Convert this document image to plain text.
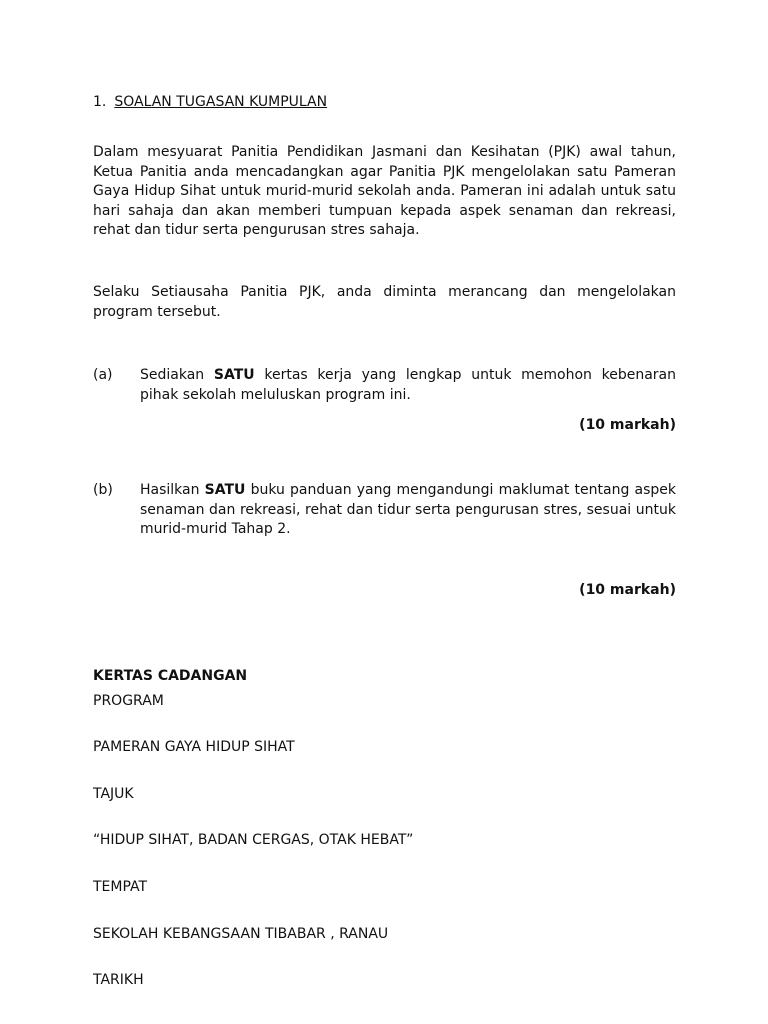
1. SOALAN TUGASAN KUMPULAN

Dalam mesyuarat Panitia Pendidikan Jasmani dan Kesihatan (PJK) awal tahun, Ketua Panitia anda mencadangkan agar Panitia PJK mengelolakan satu Pameran Gaya Hidup Sihat untuk murid-murid sekolah anda. Pameran ini adalah untuk satu hari sahaja dan akan memberi tumpuan kepada aspek senaman dan rekreasi, rehat dan tidur serta pengurusan stres sahaja.

Selaku Setiausaha Panitia PJK, anda diminta merancang dan mengelolakan program tersebut.

(a) Sediakan SATU kertas kerja yang lengkap untuk memohon kebenaran pihak sekolah meluluskan program ini.

(10 markah)
(b) Hasilkan SATU buku panduan yang mengandungi maklumat tentang aspek senaman dan rekreasi, rehat dan tidur serta pengurusan stres, sesuai untuk murid-murid Tahap 2.

(10 markah)
KERTAS CADANGAN
PROGRAM
PAMERAN GAYA HIDUP SIHAT
TAJUK
“HIDUP SIHAT, BADAN CERGAS, OTAK HEBAT”
TEMPAT
SEKOLAH KEBANGSAAN TIBABAR , RANAU
TARIKH
